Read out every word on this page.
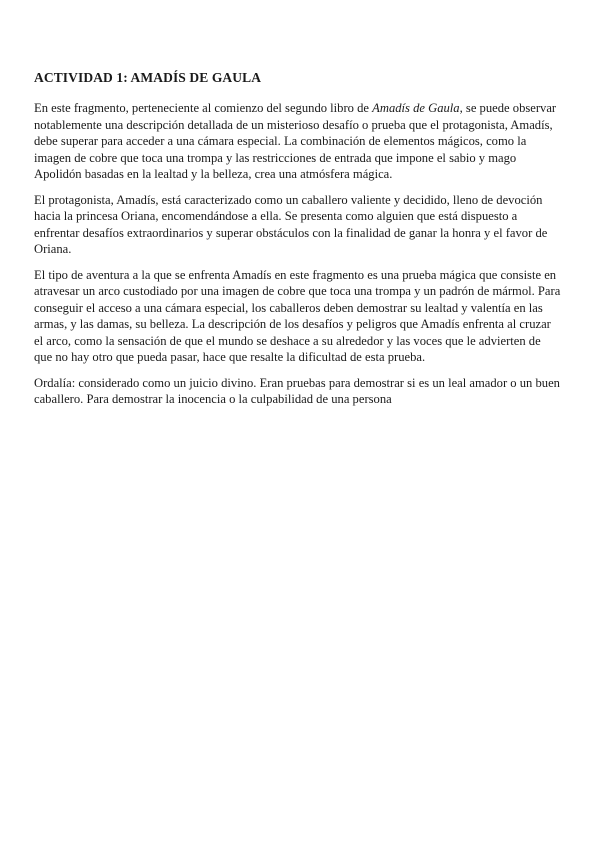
ACTIVIDAD 1: AMADÍS DE GAULA

En este fragmento, perteneciente al comienzo del segundo libro de Amadís de Gaula, se puede observar notablemente una descripción detallada de un misterioso desafío o prueba que el protagonista, Amadís, debe superar para acceder a una cámara especial. La combinación de elementos mágicos, como la imagen de cobre que toca una trompa y las restricciones de entrada que impone el sabio y mago Apolidón basadas en la lealtad y la belleza, crea una atmósfera mágica.

El protagonista, Amadís, está caracterizado como un caballero valiente y decidido, lleno de devoción hacia la princesa Oriana, encomendándose a ella. Se presenta como alguien que está dispuesto a enfrentar desafíos extraordinarios y superar obstáculos con la finalidad de ganar la honra y el favor de Oriana.

El tipo de aventura a la que se enfrenta Amadís en este fragmento es una prueba mágica que consiste en atravesar un arco custodiado por una imagen de cobre que toca una trompa y un padrón de mármol. Para conseguir el acceso a una cámara especial, los caballeros deben demostrar su lealtad y valentía en las armas, y las damas, su belleza. La descripción de los desafíos y peligros que Amadís enfrenta al cruzar el arco, como la sensación de que el mundo se deshace a su alrededor y las voces que le advierten de que no hay otro que pueda pasar, hace que resalte la dificultad de esta prueba.

Ordalía: considerado como un juicio divino. Eran pruebas para demostrar si es un leal amador o un buen caballero. Para demostrar la inocencia o la culpabilidad de una persona
